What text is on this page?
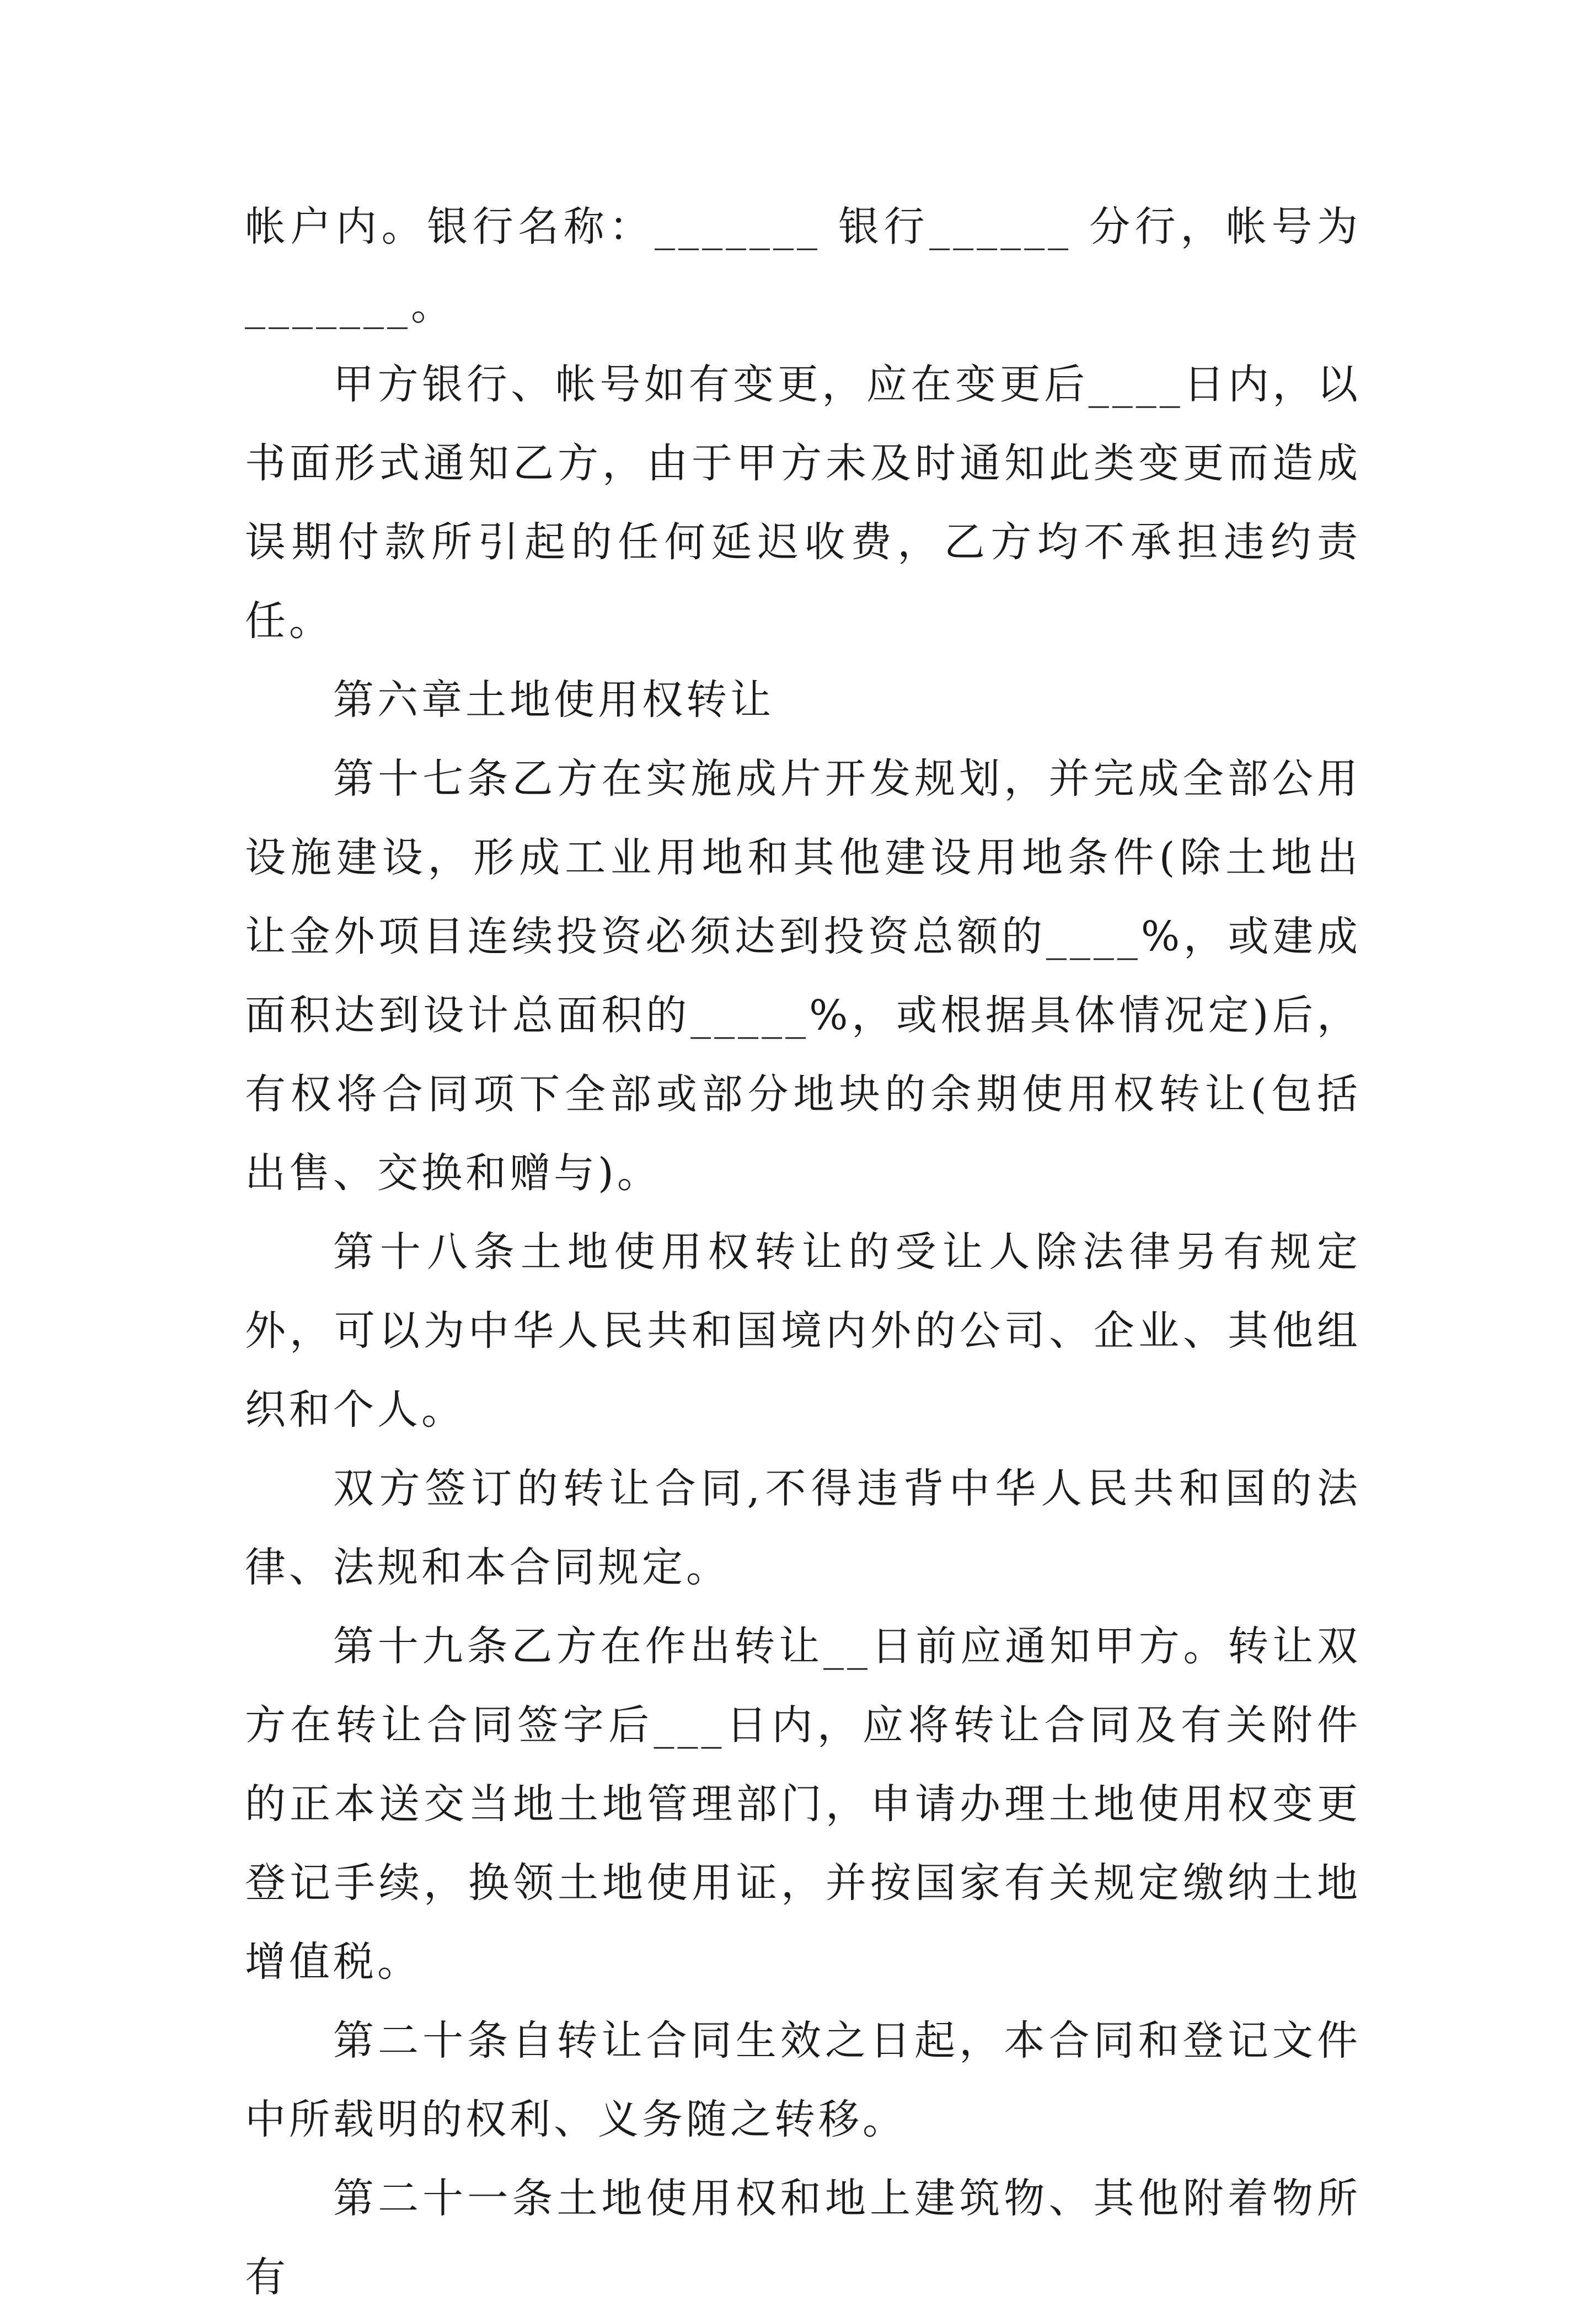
帐户内。银行名称：_______ 银行______ 分行，帐号为_______。

甲方银行、帐号如有变更，应在变更后____日内，以书面形式通知乙方，由于甲方未及时通知此类变更而造成误期付款所引起的任何延迟收费，乙方均不承担违约责任。

第六章土地使用权转让

第十七条乙方在实施成片开发规划，并完成全部公用设施建设，形成工业用地和其他建设用地条件(除土地出让金外项目连续投资必须达到投资总额的____%，或建成面积达到设计总面积的_____%，或根据具体情况定)后，有权将合同项下全部或部分地块的余期使用权转让(包括出售、交换和赠与)。

第十八条土地使用权转让的受让人除法律另有规定外，可以为中华人民共和国境内外的公司、企业、其他组织和个人。

双方签订的转让合同,不得违背中华人民共和国的法律、法规和本合同规定。

第十九条乙方在作出转让__日前应通知甲方。转让双方在转让合同签字后___日内，应将转让合同及有关附件的正本送交当地土地管理部门，申请办理土地使用权变更登记手续，换领土地使用证，并按国家有关规定缴纳土地增值税。

第二十条自转让合同生效之日起，本合同和登记文件中所载明的权利、义务随之转移。

第二十一条土地使用权和地上建筑物、其他附着物所有
